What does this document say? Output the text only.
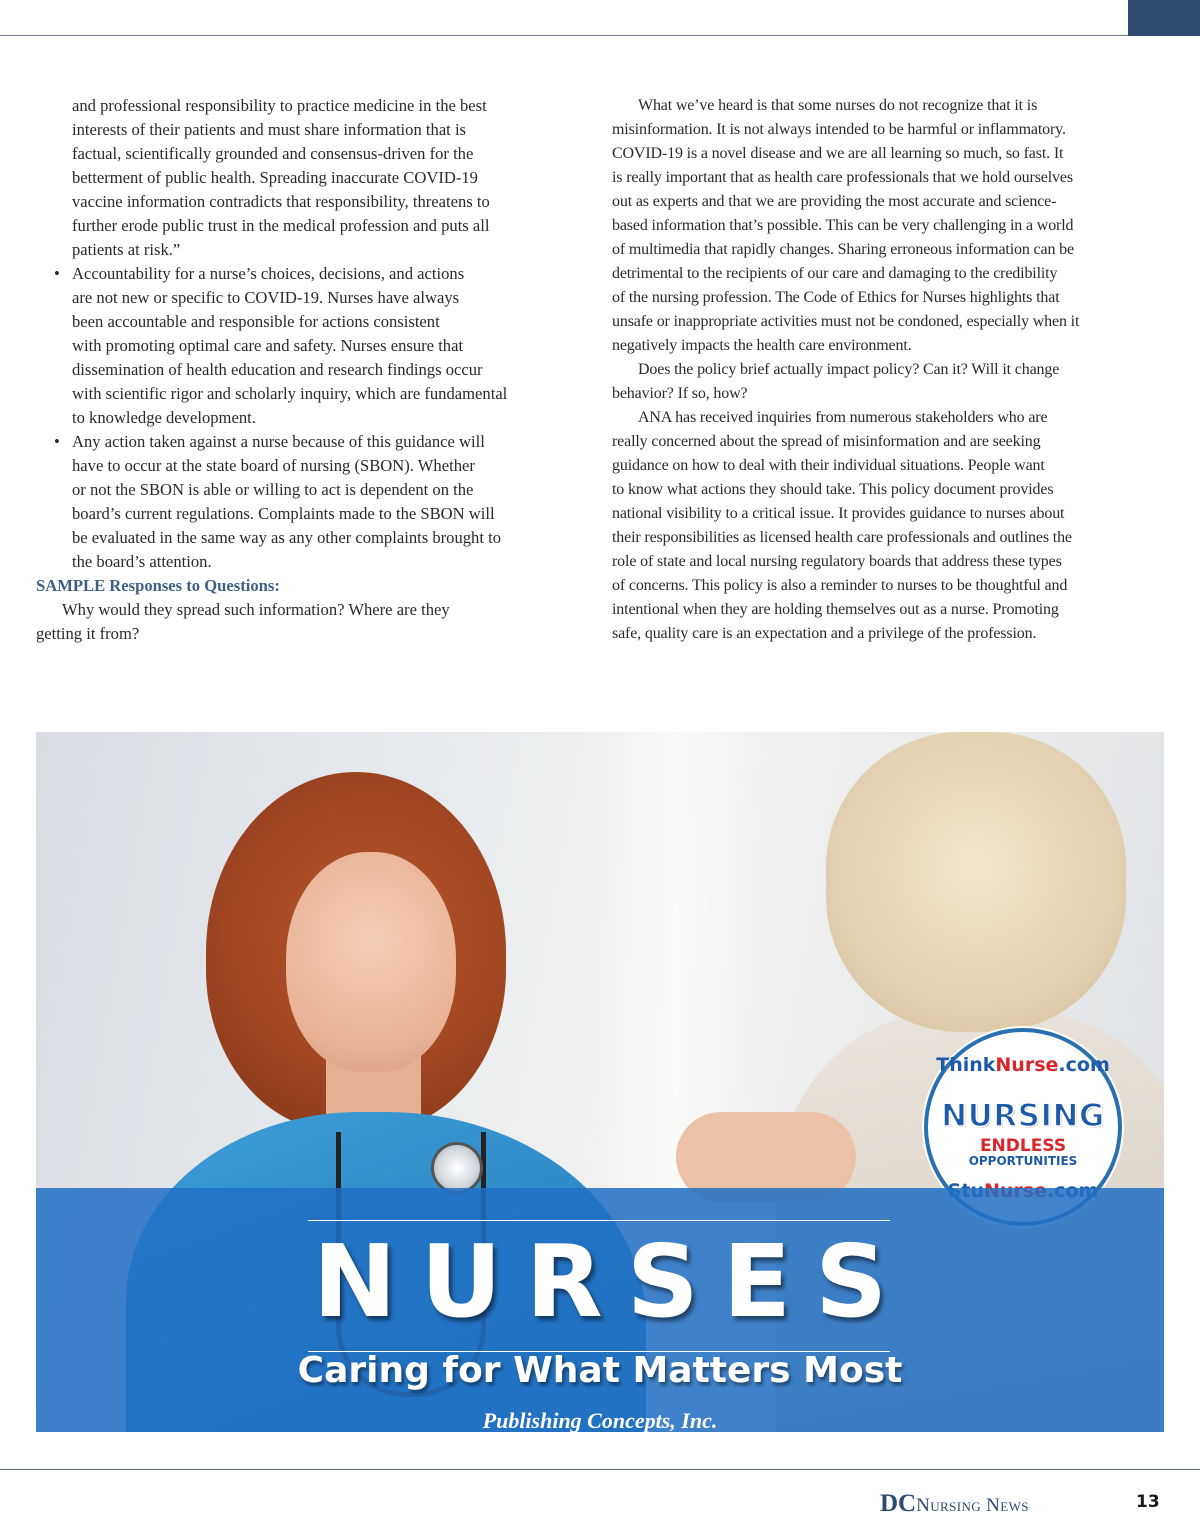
and professional responsibility to practice medicine in the best
interests of their patients and must share information that is
factual, scientifically grounded and consensus-driven for the
betterment of public health. Spreading inaccurate COVID-19
vaccine information contradicts that responsibility, threatens to
further erode public trust in the medical profession and puts all
patients at risk.”
• Accountability for a nurse’s choices, decisions, and actions
are not new or specific to COVID-19. Nurses have always
been accountable and responsible for actions consistent
with promoting optimal care and safety. Nurses ensure that
dissemination of health education and research findings occur
with scientific rigor and scholarly inquiry, which are fundamental
to knowledge development.
• Any action taken against a nurse because of this guidance will
have to occur at the state board of nursing (SBON). Whether
or not the SBON is able or willing to act is dependent on the
board’s current regulations. Complaints made to the SBON will
be evaluated in the same way as any other complaints brought to
the board’s attention.

SAMPLE Responses to Questions:

Why would they spread such information? Where are they
getting it from?

What we’ve heard is that some nurses do not recognize that it is
misinformation. It is not always intended to be harmful or inflammatory.
COVID-19 is a novel disease and we are all learning so much, so fast. It
is really important that as health care professionals that we hold ourselves
out as experts and that we are providing the most accurate and science-
based information that’s possible. This can be very challenging in a world
of multimedia that rapidly changes. Sharing erroneous information can be
detrimental to the recipients of our care and damaging to the credibility
of the nursing profession. The Code of Ethics for Nurses highlights that
unsafe or inappropriate activities must not be condoned, especially when it
negatively impacts the health care environment.

Does the policy brief actually impact policy? Can it? Will it change
behavior? If so, how?

ANA has received inquiries from numerous stakeholders who are
really concerned about the spread of misinformation and are seeking
guidance on how to deal with their individual situations. People want
to know what actions they should take. This policy document provides
national visibility to a critical issue. It provides guidance to nurses about
their responsibilities as licensed health care professionals and outlines the
role of state and local nursing regulatory boards that address these types
of concerns. This policy is also a reminder to nurses to be thoughtful and
intentional when they are holding themselves out as a nurse. Promoting
safe, quality care is an expectation and a privilege of the profession.

ThinkNurse.com
NURSING
ENDLESS
OPPORTUNITIES
NURSES
Caring for What Matters Most
Publishing Concepts, Inc.
DCNursing News	13
